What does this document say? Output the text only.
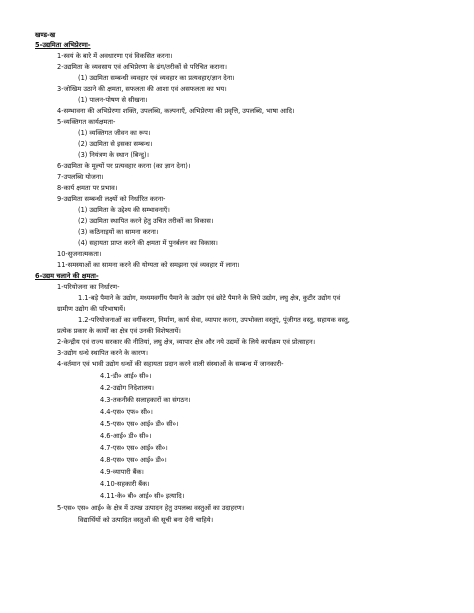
खण्ड-ख
5-उद्यमिता अभिप्रेरणा-
1-स्वयं के बारे में अवधारणा एवं विकसित करना।
2-उद्यमिता के व्यवसाय एवं अभिप्रेरणा के ढंग/तरीकों से परिचित कराना।
(1) उद्यमिता सम्बन्धी व्यवहार एवं व्यवहार का प्रत्यवहार/ज्ञान देना।
3-जोखिम उठाने की क्षमता, सफलता की आशा एवं असफलता का भय।
(1) पालन-पोषण से सीखना।
4-सम्भावना की अभिप्रेरणा शक्ति, उपलब्धि, कल्पनाएँ, अभिप्रेरणा की प्रवृत्ति, उपलब्धि, भाषा आदि।
5-व्यक्तिगत कार्यक्षमता-
(1) व्यक्तिगत जीवन का रूप।
(2) उद्यमिता से इसका सम्बन्ध।
(3) नियंत्रण के स्थान (बिन्दु)।
6-उद्यमिता के मूल्यों पर प्रत्यवहार करना (का ज्ञान देना)।
7-उपलब्धि योजना।
8-कार्य क्षमता पर प्रभाव।
9-उद्यमिता सम्बन्धी लक्ष्यों को निर्धारित करना-
(1) उद्यमिता के उद्देश्य की सम्भावनाएँ।
(2) उद्यमिता स्थापित करने हेतु उचित तरीकों का विकास।
(3) कठिनाइयों का सामना करना।
(4) सहायता प्राप्त करने की क्षमता में पुनर्बलन का विकास।
10-सुजनात्मकता।
11-समस्याओं का सामना करने की योग्यता को समझना एवं व्यवहार में लाना।
6-उद्यम चलाने की क्षमता-
1-परियोजना का निर्धारण-
1.1-बड़े पैमाने के उद्योग, मध्यमवर्गीय पैमाने के उद्योग एवं छोटे पैमाने के लिये उद्योग, लघु क्षेत्र, कुटीर उद्योग एवं
ग्रामीण उद्योग की परिभाषायें।
1.2-परियोजनाओं का वर्गीकरण, निर्माण, कार्य सेवा, व्यापार करना, उपभोक्ता वस्तुएं, पूंजीगत वस्तु, सहायक वस्तु,
प्रत्येक प्रकार के कार्यों का क्षेत्र एवं उनकी विशेषतायें।
2-केन्द्रीय एवं राज्य सरकार की नीतियां, लघु क्षेत्र, व्यापार क्षेत्र और नये उद्यमों के लिये कार्यक्रम एवं प्रोत्साहन।
3-उद्योग धन्धे स्थापित करने के कारण।
4-वर्तमान एवं भावी उद्योग धन्धों की सहायता प्रदान करने वाली संस्थाओं के सम्बन्ध में जानकारी-
4.1-डी० आई० सी०।
4.2-उद्योग निदेशालय।
4.3-तकनीकी सलाहकारों का संगठन।
4.4-एस० एफ० सी०।
4.5-एस० एस० आई० डी० सी०।
4.6-आई० डी० सी०।
4.7-एस० एस० आई० सी०।
4.8-एस० एस० आई० डी०।
4.9-व्यापारी बैंक।
4.10-सहकारी बैंक।
4.11-के० बी० आई० सी० इत्यादि।
5-एस० एस० आई० के क्षेत्र में उत्पन्न उत्पादन हेतु उपलब्ध वस्तुओं का उदाहरण।
विद्यार्थियों को उत्पादित वस्तुओं की सूची बना देनी चाहिये।
